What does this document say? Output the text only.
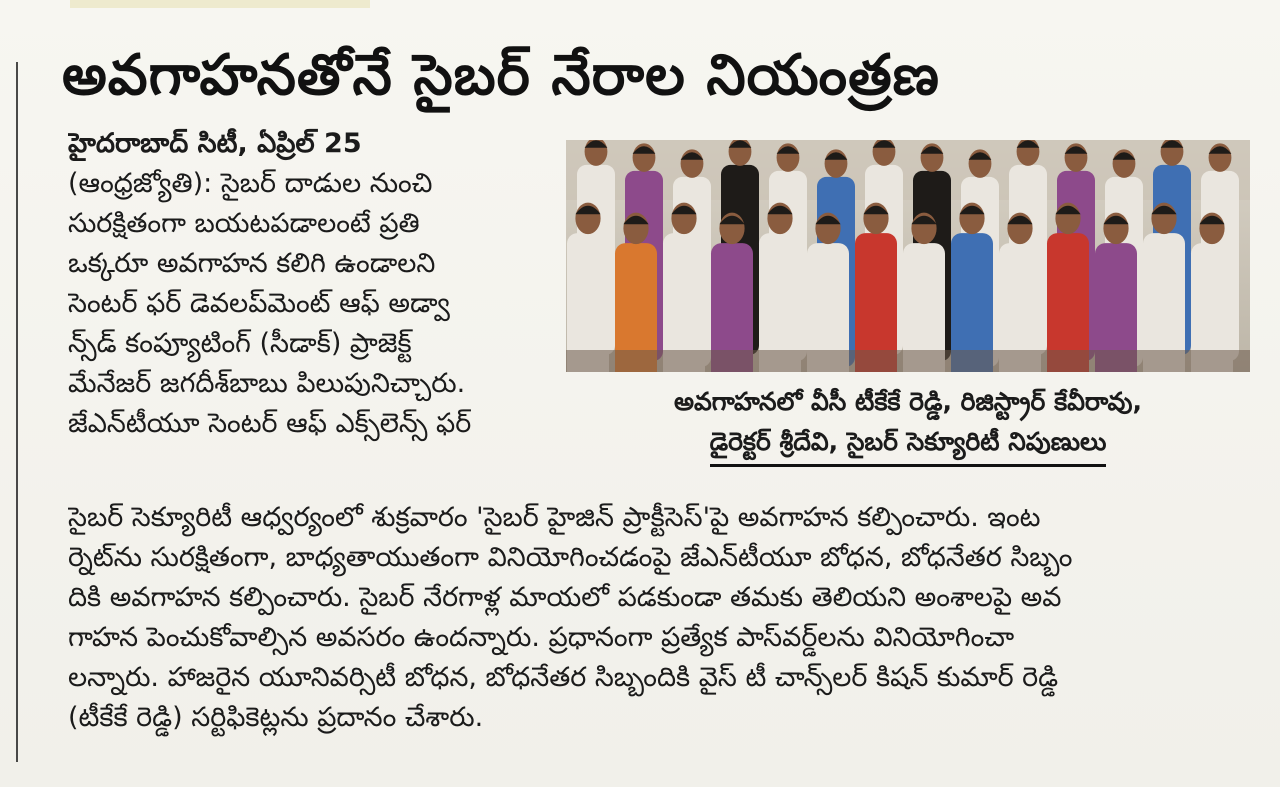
అవగాహనతోనే సైబర్ నేరాల నియంత్రణ
హైదరాబాద్ సిటీ, ఏప్రిల్ 25
(ఆంధ్రజ్యోతి): సైబర్ దాడుల నుంచి
సురక్షితంగా బయటపడాలంటే ప్రతి
ఒక్కరూ అవగాహన కలిగి ఉండాలని
సెంటర్ ఫర్ డెవలప్‌మెంట్ ఆఫ్ అడ్వా
న్స్‌డ్ కంప్యూటింగ్ (సీడాక్) ప్రాజెక్ట్
మేనేజర్ జగదీశ్‌బాబు పిలుపునిచ్చారు.
జేఎన్‌టీయూ సెంటర్ ఆఫ్ ఎక్స్‌లెన్స్ ఫర్
అవగాహనలో వీసీ టీకేకే రెడ్డి, రిజిస్ట్రార్ కేవీరావు,
డైరెక్టర్ శ్రీదేవి, సైబర్ సెక్యూరిటీ నిపుణులు
సైబర్ సెక్యూరిటీ ఆధ్వర్యంలో శుక్రవారం 'సైబర్ హైజిన్ ప్రాక్టీసెస్'పై అవగాహన కల్పించారు. ఇంట
ర్నెట్‌ను సురక్షితంగా, బాధ్యతాయుతంగా వినియోగించడంపై జేఎన్‌టీయూ బోధన, బోధనేతర సిబ్బం
దికి అవగాహన కల్పించారు. సైబర్ నేరగాళ్ల మాయలో పడకుండా తమకు తెలియని అంశాలపై అవ
గాహన పెంచుకోవాల్సిన అవసరం ఉందన్నారు. ప్రధానంగా ప్రత్యేక పాస్‌వర్డ్‌లను వినియోగించా
లన్నారు. హాజరైన యూనివర్సిటీ బోధన, బోధనేతర సిబ్బందికి వైస్ టీ చాన్స్‌లర్ కిషన్ కుమార్ రెడ్డి
(టీకేకే రెడ్డి) సర్టిఫికెట్లను ప్రదానం చేశారు.
